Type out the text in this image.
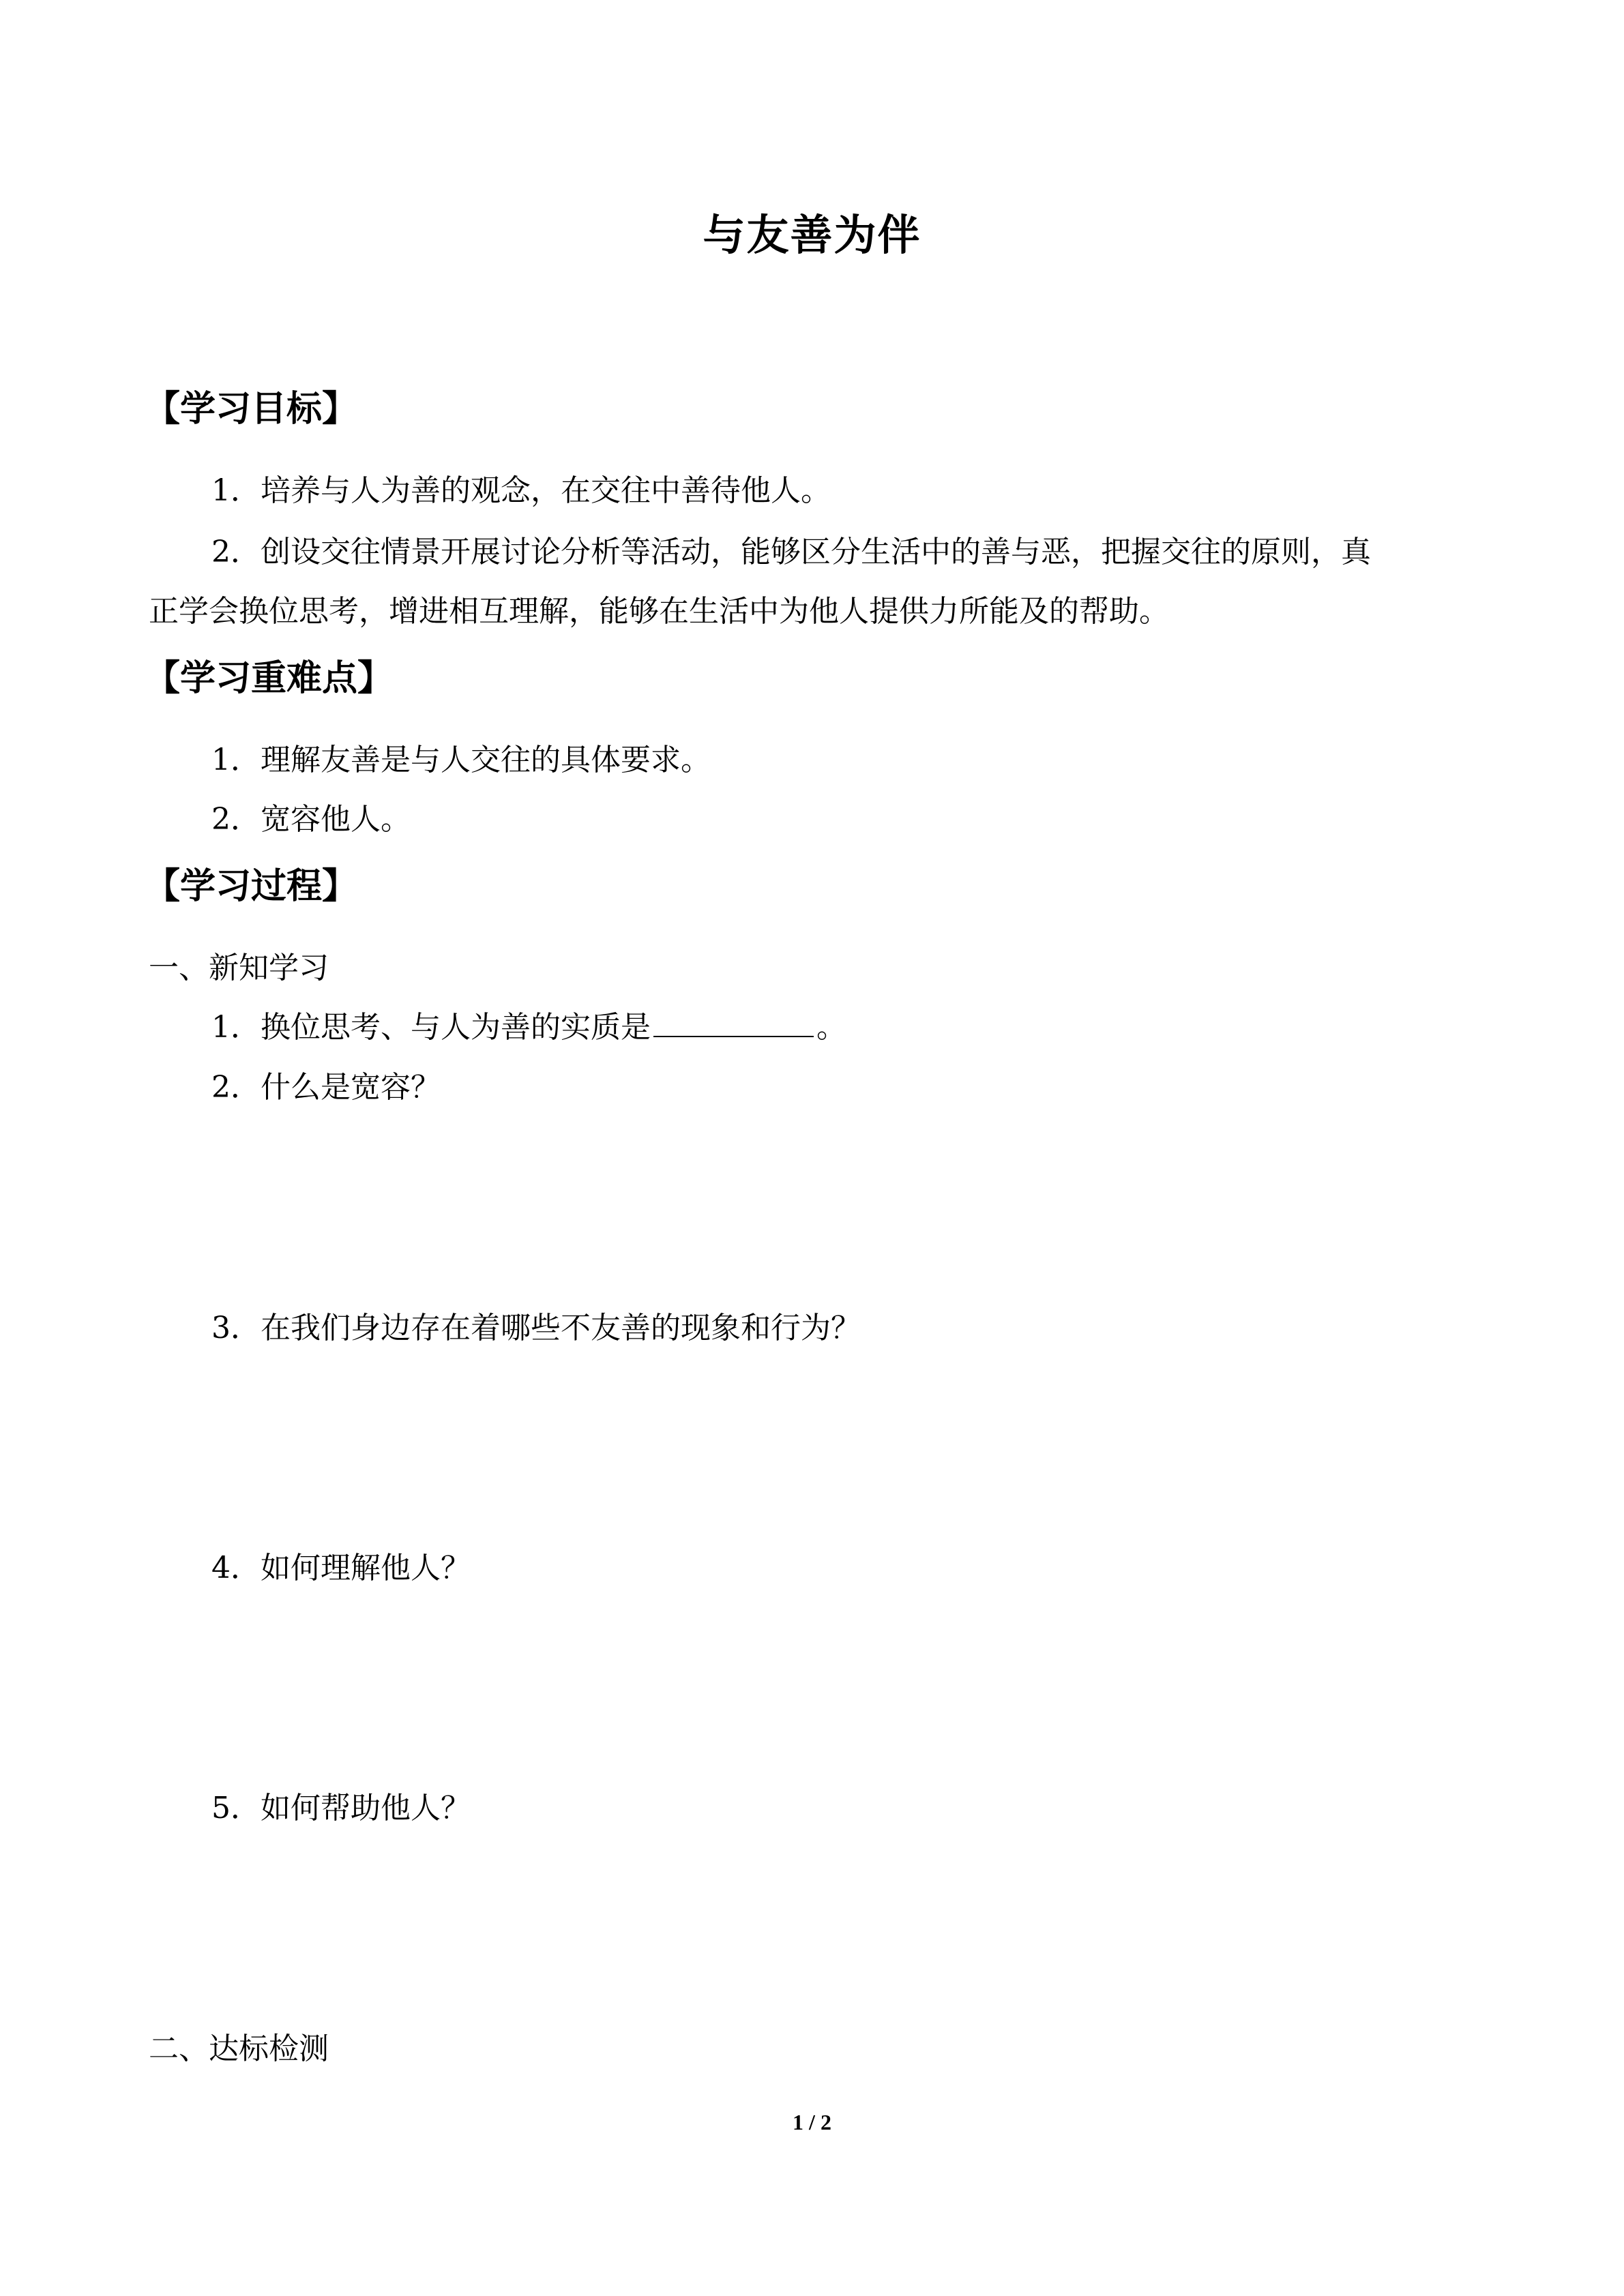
与友善为伴
【学习目标】
1．培养与人为善的观念，在交往中善待他人。
2．创设交往情景开展讨论分析等活动，能够区分生活中的善与恶，把握交往的原则，真
正学会换位思考，增进相互理解，能够在生活中为他人提供力所能及的帮助。
【学习重难点】
1．理解友善是与人交往的具体要求。
2．宽容他人。
【学习过程】
一、新知学习
1．换位思考、与人为善的实质是	。
2．什么是宽容？
3．在我们身边存在着哪些不友善的现象和行为？
4．如何理解他人？
5．如何帮助他人？
二、达标检测
1 / 2
